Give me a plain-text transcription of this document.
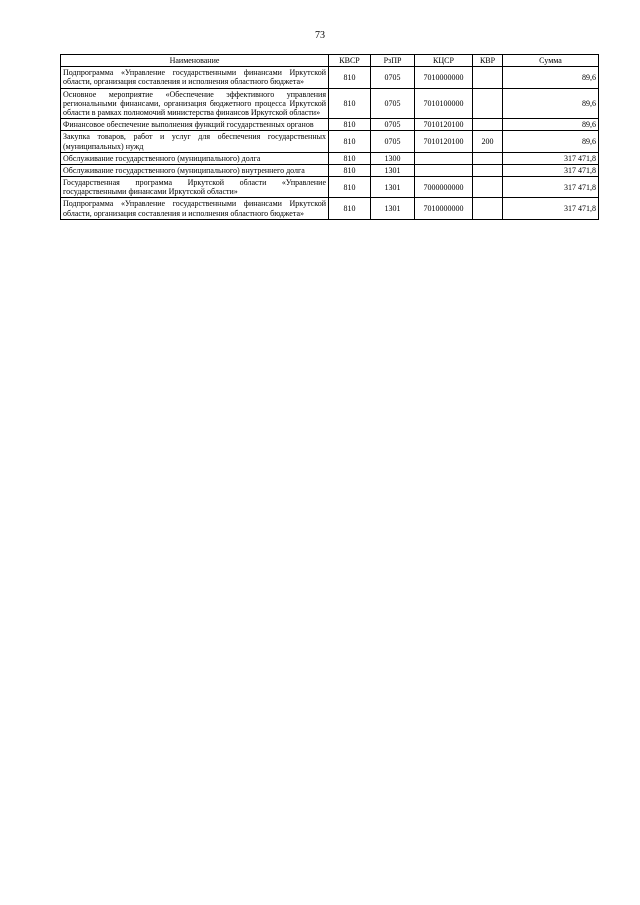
73
Наименование	КВСР	РзПР	КЦСР	КВР	Сумма
Подпрограмма «Управление государственными финансами Иркутской области, организация составления и исполнения областного бюджета»	810	0705	7010000000		89,6
Основное мероприятие «Обеспечение эффективного управления региональными финансами, организация бюджетного процесса Иркутской области в рамках полномочий министерства финансов Иркутской области»	810	0705	7010100000		89,6
Финансовое обеспечение выполнения функций государственных органов	810	0705	7010120100		89,6
Закупка товаров, работ и услуг для обеспечения государственных (муниципальных) нужд	810	0705	7010120100	200	89,6
Обслуживание государственного (муниципального) долга	810	1300			317 471,8
Обслуживание государственного (муниципального) внутреннего долга	810	1301			317 471,8
Государственная программа Иркутской области «Управление государственными финансами Иркутской области»	810	1301	7000000000		317 471,8
Подпрограмма «Управление государственными финансами Иркутской области, организация составления и исполнения областного бюджета»	810	1301	7010000000		317 471,8
